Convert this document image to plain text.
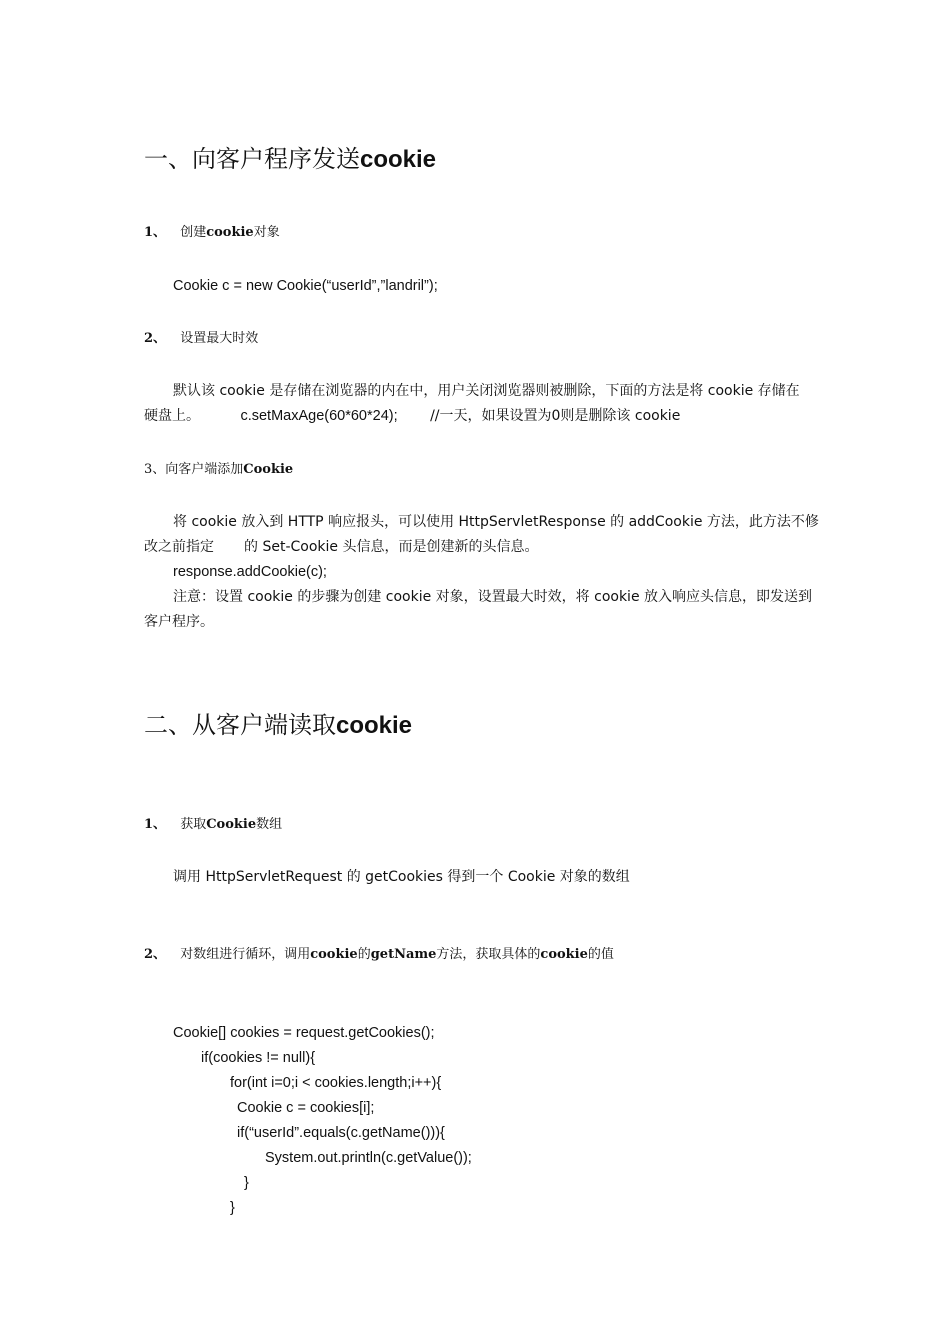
一、向客户程序发送cookie
1、 创建cookie对象
Cookie c = new Cookie(“userId”,”landril”);
2、 设置最大时效
默认该 cookie 是存储在浏览器的内在中，用户关闭浏览器则被删除，下面的方法是将 cookie 存储在
硬盘上。	c.setMaxAge(60*60*24); //一天，如果设置为0则是删除该 cookie
3、向客户端添加Cookie
将 cookie 放入到 HTTP 响应报头，可以使用 HttpServletResponse 的 addCookie 方法，此方法不修
改之前指定 的 Set-Cookie 头信息，而是创建新的头信息。
response.addCookie(c);
注意：设置 cookie 的步骤为创建 cookie 对象，设置最大时效，将 cookie 放入响应头信息，即发送到
客户程序。
二、从客户端读取cookie
1、 获取Cookie数组
调用 HttpServletRequest 的 getCookies 得到一个 Cookie 对象的数组
2、 对数组进行循环，调用cookie的getName方法，获取具体的cookie的值
Cookie[] cookies = request.getCookies();
if(cookies != null){
for(int i=0;i < cookies.length;i++){
Cookie c = cookies[i];
if(“userId”.equals(c.getName())){
System.out.println(c.getValue());
}
}
